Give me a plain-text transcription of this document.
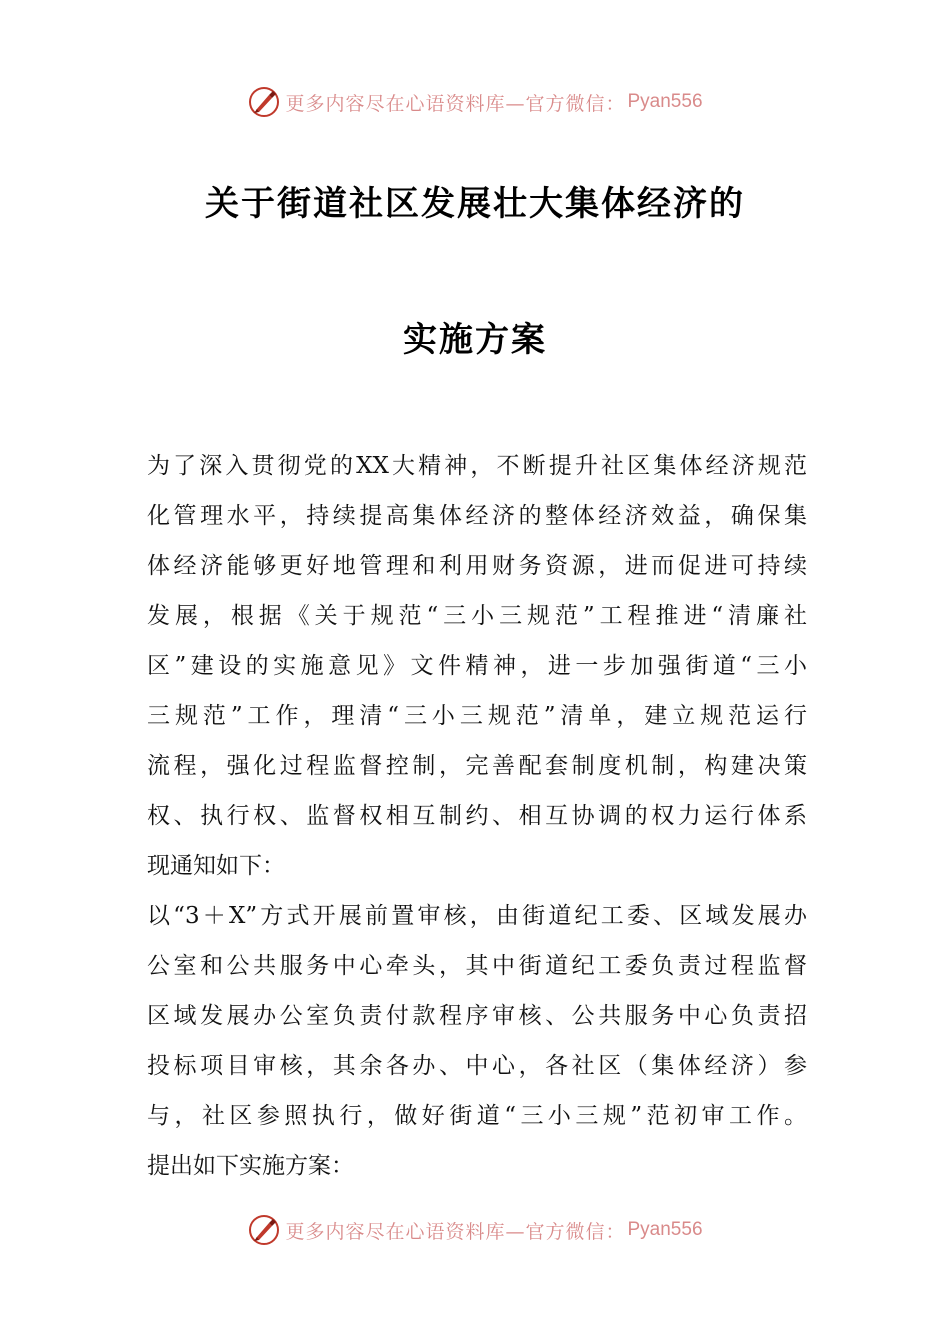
更多内容尽在心语资料库—官方微信： Pyan556
关于街道社区发展壮大集体经济的
实施方案
为了深入贯彻党的XX大精神，不断提升社区集体经济规范
化管理水平，持续提高集体经济的整体经济效益，确保集
体经济能够更好地管理和利用财务资源，进而促进可持续
发展，根据《关于规范“三小三规范”工程推进“清廉社
区”建设的实施意见》文件精神，进一步加强街道“三小
三规范”工作，理清“三小三规范”清单，建立规范运行
流程，强化过程监督控制，完善配套制度机制，构建决策
权、执行权、监督权相互制约、相互协调的权力运行体系
现通知如下：
以“3＋X”方式开展前置审核，由街道纪工委、区域发展办
公室和公共服务中心牵头，其中街道纪工委负责过程监督
区域发展办公室负责付款程序审核、公共服务中心负责招
投标项目审核，其余各办、中心，各社区（集体经济）参
与，社区参照执行，做好街道“三小三规”范初审工作。
提出如下实施方案：
更多内容尽在心语资料库—官方微信： Pyan556
